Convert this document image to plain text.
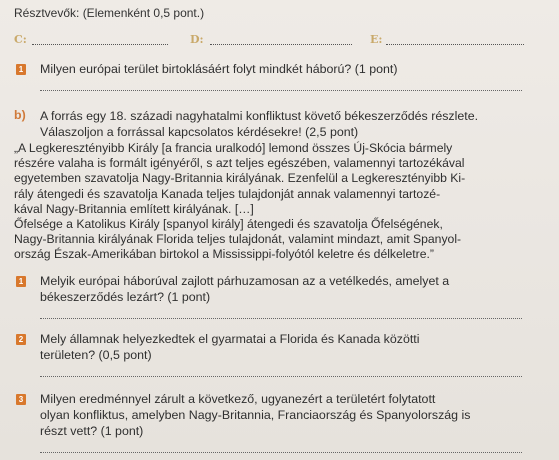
Résztvevők: (Elemenként 0,5 pont.)
C:	D:	E:
1 Milyen európai terület birtoklásáért folyt mindkét háború? (1 pont)
b) A forrás egy 18. századi nagyhatalmi konfliktust követő békeszerződés részlete.
Válaszoljon a forrással kapcsolatos kérdésekre! (2,5 pont)
„A Legkeresztényibb Király [a francia uralkodó] lemond összes Új-Skócia bármely
részére valaha is formált igényéről, s azt teljes egészében, valamennyi tartozékával
egyetemben szavatolja Nagy-Britannia királyának. Ezenfelül a Legkeresztényibb Ki-
rály átengedi és szavatolja Kanada teljes tulajdonját annak valamennyi tartozé-
kával Nagy-Britannia említett királyának. […]
Őfelsége a Katolikus Király [spanyol király] átengedi és szavatolja Őfelségének,
Nagy-Britannia királyának Florida teljes tulajdonát, valamint mindazt, amit Spanyol-
ország Észak-Amerikában birtokol a Mississippi-folyótól keletre és délkeletre.”
1 Melyik európai háborúval zajlott párhuzamosan az a vetélkedés, amelyet a
békeszerződés lezárt? (1 pont)
2 Mely államnak helyezkedtek el gyarmatai a Florida és Kanada közötti
területen? (0,5 pont)
3 Milyen eredménnyel zárult a következő, ugyanezért a területért folytatott
olyan konfliktus, amelyben Nagy-Britannia, Franciaország és Spanyolország is
részt vett? (1 pont)
